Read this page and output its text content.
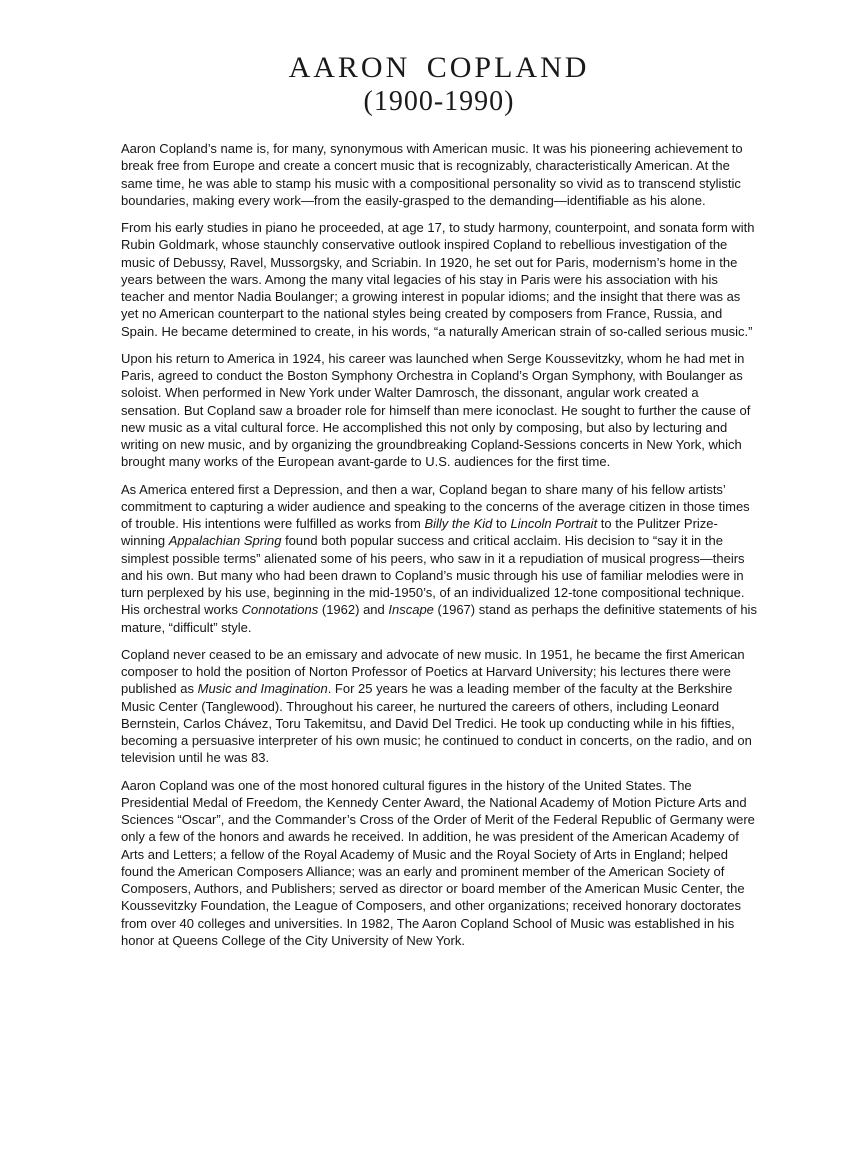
AARON COPLAND
(1900-1990)

Aaron Copland’s name is, for many, synonymous with American music. It was his pioneering achievement to break free from Europe and create a concert music that is recognizably, characteristically American. At the same time, he was able to stamp his music with a compositional personality so vivid as to transcend stylistic boundaries, making every work—from the easily-grasped to the demanding—identifiable as his alone.

From his early studies in piano he proceeded, at age 17, to study harmony, counterpoint, and sonata form with Rubin Goldmark, whose staunchly conservative outlook inspired Copland to rebellious investigation of the music of Debussy, Ravel, Mussorgsky, and Scriabin. In 1920, he set out for Paris, modernism’s home in the years between the wars. Among the many vital legacies of his stay in Paris were his association with his teacher and mentor Nadia Boulanger; a growing interest in popular idioms; and the insight that there was as yet no American counterpart to the national styles being created by composers from France, Russia, and Spain. He became determined to create, in his words, “a naturally American strain of so-called serious music.”

Upon his return to America in 1924, his career was launched when Serge Koussevitzky, whom he had met in Paris, agreed to conduct the Boston Symphony Orchestra in Copland’s Organ Symphony, with Boulanger as soloist. When performed in New York under Walter Damrosch, the dissonant, angular work created a sensation. But Copland saw a broader role for himself than mere iconoclast. He sought to further the cause of new music as a vital cultural force. He accomplished this not only by composing, but also by lecturing and writing on new music, and by organizing the groundbreaking Copland-Sessions concerts in New York, which brought many works of the European avant-garde to U.S. audiences for the first time.

As America entered first a Depression, and then a war, Copland began to share many of his fellow artists’ commitment to capturing a wider audience and speaking to the concerns of the average citizen in those times of trouble. His intentions were fulfilled as works from Billy the Kid to Lincoln Portrait to the Pulitzer Prize-winning Appalachian Spring found both popular success and critical acclaim. His decision to “say it in the simplest possible terms” alienated some of his peers, who saw in it a repudiation of musical progress—theirs and his own. But many who had been drawn to Copland’s music through his use of familiar melodies were in turn perplexed by his use, beginning in the mid-1950’s, of an individualized 12-tone compositional technique. His orchestral works Connotations (1962) and Inscape (1967) stand as perhaps the definitive statements of his mature, “difficult” style.

Copland never ceased to be an emissary and advocate of new music. In 1951, he became the first American composer to hold the position of Norton Professor of Poetics at Harvard University; his lectures there were published as Music and Imagination. For 25 years he was a leading member of the faculty at the Berkshire Music Center (Tanglewood). Throughout his career, he nurtured the careers of others, including Leonard Bernstein, Carlos Chávez, Toru Takemitsu, and David Del Tredici. He took up conducting while in his fifties, becoming a persuasive interpreter of his own music; he continued to conduct in concerts, on the radio, and on television until he was 83.

Aaron Copland was one of the most honored cultural figures in the history of the United States. The Presidential Medal of Freedom, the Kennedy Center Award, the National Academy of Motion Picture Arts and Sciences “Oscar”, and the Commander’s Cross of the Order of Merit of the Federal Republic of Germany were only a few of the honors and awards he received. In addition, he was president of the American Academy of Arts and Letters; a fellow of the Royal Academy of Music and the Royal Society of Arts in England; helped found the American Composers Alliance; was an early and prominent member of the American Society of Composers, Authors, and Publishers; served as director or board member of the American Music Center, the Koussevitzky Foundation, the League of Composers, and other organizations; received honorary doctorates from over 40 colleges and universities. In 1982, The Aaron Copland School of Music was established in his honor at Queens College of the City University of New York.
